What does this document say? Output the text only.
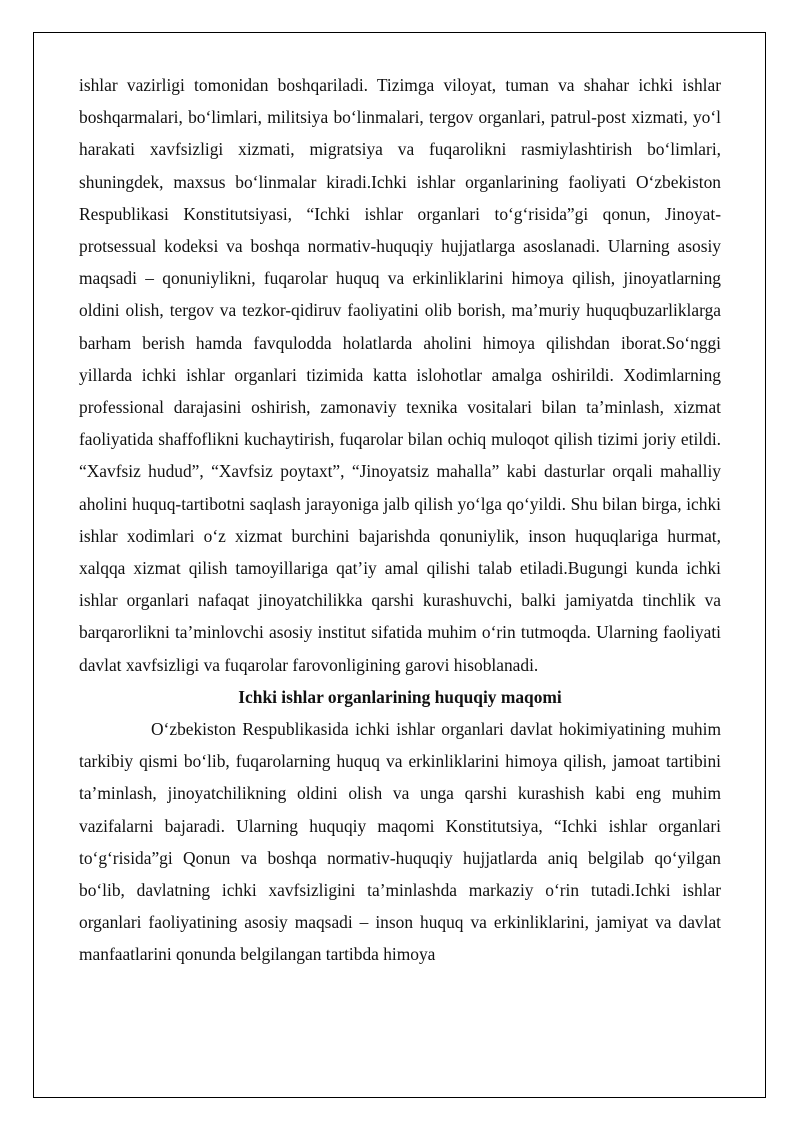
ishlar vazirligi tomonidan boshqariladi. Tizimga viloyat, tuman va shahar ichki ishlar boshqarmalari, bo‘limlari, militsiya bo‘linmalari, tergov organlari, patrul-post xizmati, yo‘l harakati xavfsizligi xizmati, migratsiya va fuqarolikni rasmiylashtirish bo‘limlari, shuningdek, maxsus bo‘linmalar kiradi.Ichki ishlar organlarining faoliyati O‘zbekiston Respublikasi Konstitutsiyasi, “Ichki ishlar organlari to‘g‘risida”gi qonun, Jinoyat-protsessual kodeksi va boshqa normativ-huquqiy hujjatlarga asoslanadi. Ularning asosiy maqsadi – qonuniylikni, fuqarolar huquq va erkinliklarini himoya qilish, jinoyatlarning oldini olish, tergov va tezkor-qidiruv faoliyatini olib borish, ma’muriy huquqbuzarliklarga barham berish hamda favqulodda holatlarda aholini himoya qilishdan iborat.So‘nggi yillarda ichki ishlar organlari tizimida katta islohotlar amalga oshirildi. Xodimlarning professional darajasini oshirish, zamonaviy texnika vositalari bilan ta’minlash, xizmat faoliyatida shaffoflikni kuchaytirish, fuqarolar bilan ochiq muloqot qilish tizimi joriy etildi. “Xavfsiz hudud”, “Xavfsiz poytaxt”, “Jinoyatsiz mahalla” kabi dasturlar orqali mahalliy aholini huquq-tartibotni saqlash jarayoniga jalb qilish yo‘lga qo‘yildi. Shu bilan birga, ichki ishlar xodimlari o‘z xizmat burchini bajarishda qonuniylik, inson huquqlariga hurmat, xalqqa xizmat qilish tamoyillariga qat’iy amal qilishi talab etiladi.Bugungi kunda ichki ishlar organlari nafaqat jinoyatchilikka qarshi kurashuvchi, balki jamiyatda tinchlik va barqarorlikni ta’minlovchi asosiy institut sifatida muhim o‘rin tutmoqda. Ularning faoliyati davlat xavfsizligi va fuqarolar farovonligining garovi hisoblanadi.

Ichki ishlar organlarining huquqiy maqomi

O‘zbekiston Respublikasida ichki ishlar organlari davlat hokimiyatining muhim tarkibiy qismi bo‘lib, fuqarolarning huquq va erkinliklarini himoya qilish, jamoat tartibini ta’minlash, jinoyatchilikning oldini olish va unga qarshi kurashish kabi eng muhim vazifalarni bajaradi. Ularning huquqiy maqomi Konstitutsiya, “Ichki ishlar organlari to‘g‘risida”gi Qonun va boshqa normativ-huquqiy hujjatlarda aniq belgilab qo‘yilgan bo‘lib, davlatning ichki xavfsizligini ta’minlashda markaziy o‘rin tutadi.Ichki ishlar organlari faoliyatining asosiy maqsadi – inson huquq va erkinliklarini, jamiyat va davlat manfaatlarini qonunda belgilangan tartibda himoya
